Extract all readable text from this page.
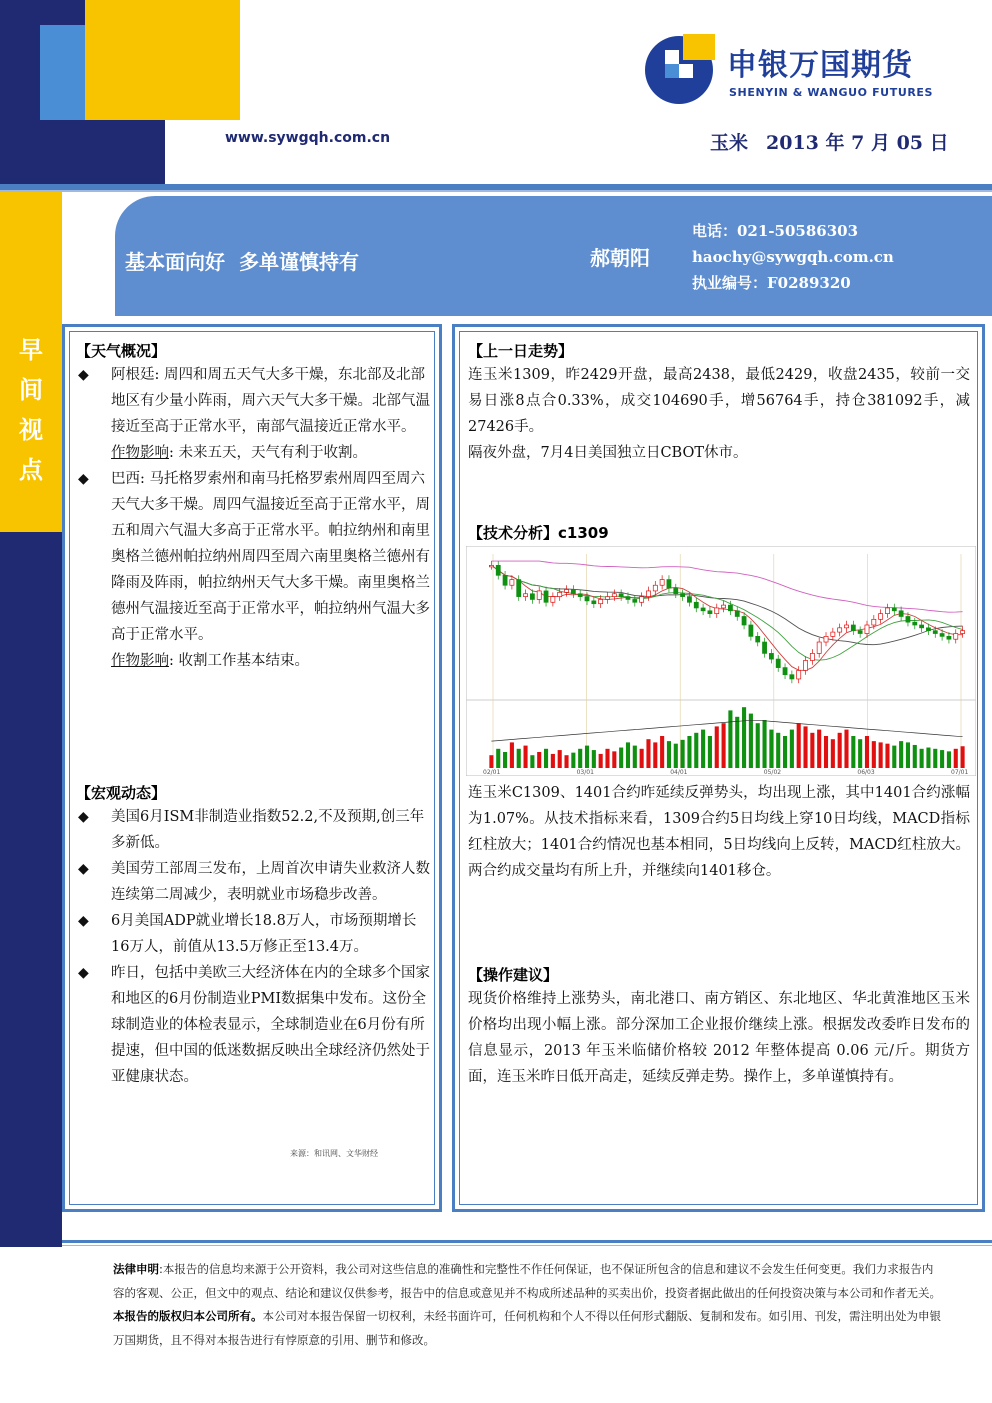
www.sywgqh.com.cn
申银万国期货
SHENYIN & WANGUO FUTURES
玉米 2013 年 7 月 05 日
早
间
视
点
基本面向好 多单谨慎持有	郝朝阳
电话：021-50586303
haochy@sywgqh.com.cn
执业编号：F0289320
【天气概况】
◆ 阿根廷: 周四和周五天气大多干燥，东北部及北部地区有少量小阵雨，周六天气大多干燥。北部气温接近至高于正常水平，南部气温接近正常水平。
作物影响: 未来五天，天气有利于收割。
◆ 巴西: 马托格罗索州和南马托格罗索州周四至周六天气大多干燥。周四气温接近至高于正常水平，周五和周六气温大多高于正常水平。帕拉纳州和南里奥格兰德州帕拉纳州周四至周六南里奥格兰德州有降雨及阵雨，帕拉纳州天气大多干燥。南里奥格兰德州气温接近至高于正常水平，帕拉纳州气温大多高于正常水平。
作物影响: 收割工作基本结束。
【宏观动态】
◆ 美国6月ISM非制造业指数52.2,不及预期,创三年多新低。
◆ 美国劳工部周三发布，上周首次申请失业救济人数连续第二周减少，表明就业市场稳步改善。
◆ 6月美国ADP就业增长18.8万人，市场预期增长16万人，前值从13.5万修正至13.4万。
◆ 昨日，包括中美欧三大经济体在内的全球多个国家和地区的6月份制造业PMI数据集中发布。这份全球制造业的体检表显示，全球制造业在6月份有所提速，但中国的低迷数据反映出全球经济仍然处于亚健康状态。
来源：和讯网、文华财经
【上一日走势】
连玉米1309，昨2429开盘，最高2438，最低2429，收盘2435，较前一交易日涨8点合0.33%，成交104690手，增56764手，持仓381092手，减27426手。
隔夜外盘，7月4日美国独立日CBOT休市。
【技术分析】c1309
02/01	03/01	04/01	05/02	06/03	07/01
连玉米C1309、1401合约昨延续反弹势头，均出现上涨，其中1401合约涨幅为1.07%。从技术指标来看，1309合约5日均线上穿10日均线，MACD指标红柱放大；1401合约情况也基本相同，5日均线向上反转，MACD红柱放大。两合约成交量均有所上升，并继续向1401移仓。
【操作建议】
现货价格维持上涨势头，南北港口、南方销区、东北地区、华北黄淮地区玉米价格均出现小幅上涨。部分深加工企业报价继续上涨。根据发改委昨日发布的信息显示，2013 年玉米临储价格较 2012 年整体提高 0.06 元/斤。期货方面，连玉米昨日低开高走，延续反弹走势。操作上，多单谨慎持有。
法律申明:本报告的信息均来源于公开资料，我公司对这些信息的准确性和完整性不作任何保证，也不保证所包含的信息和建议不会发生任何变更。我们力求报告内容的客观、公正，但文中的观点、结论和建议仅供参考，报告中的信息或意见并不构成所述品种的买卖出价，投资者据此做出的任何投资决策与本公司和作者无关。
本报告的版权归本公司所有。本公司对本报告保留一切权利，未经书面许可，任何机构和个人不得以任何形式翻版、复制和发布。如引用、刊发，需注明出处为申银万国期货，且不得对本报告进行有悖原意的引用、删节和修改。
